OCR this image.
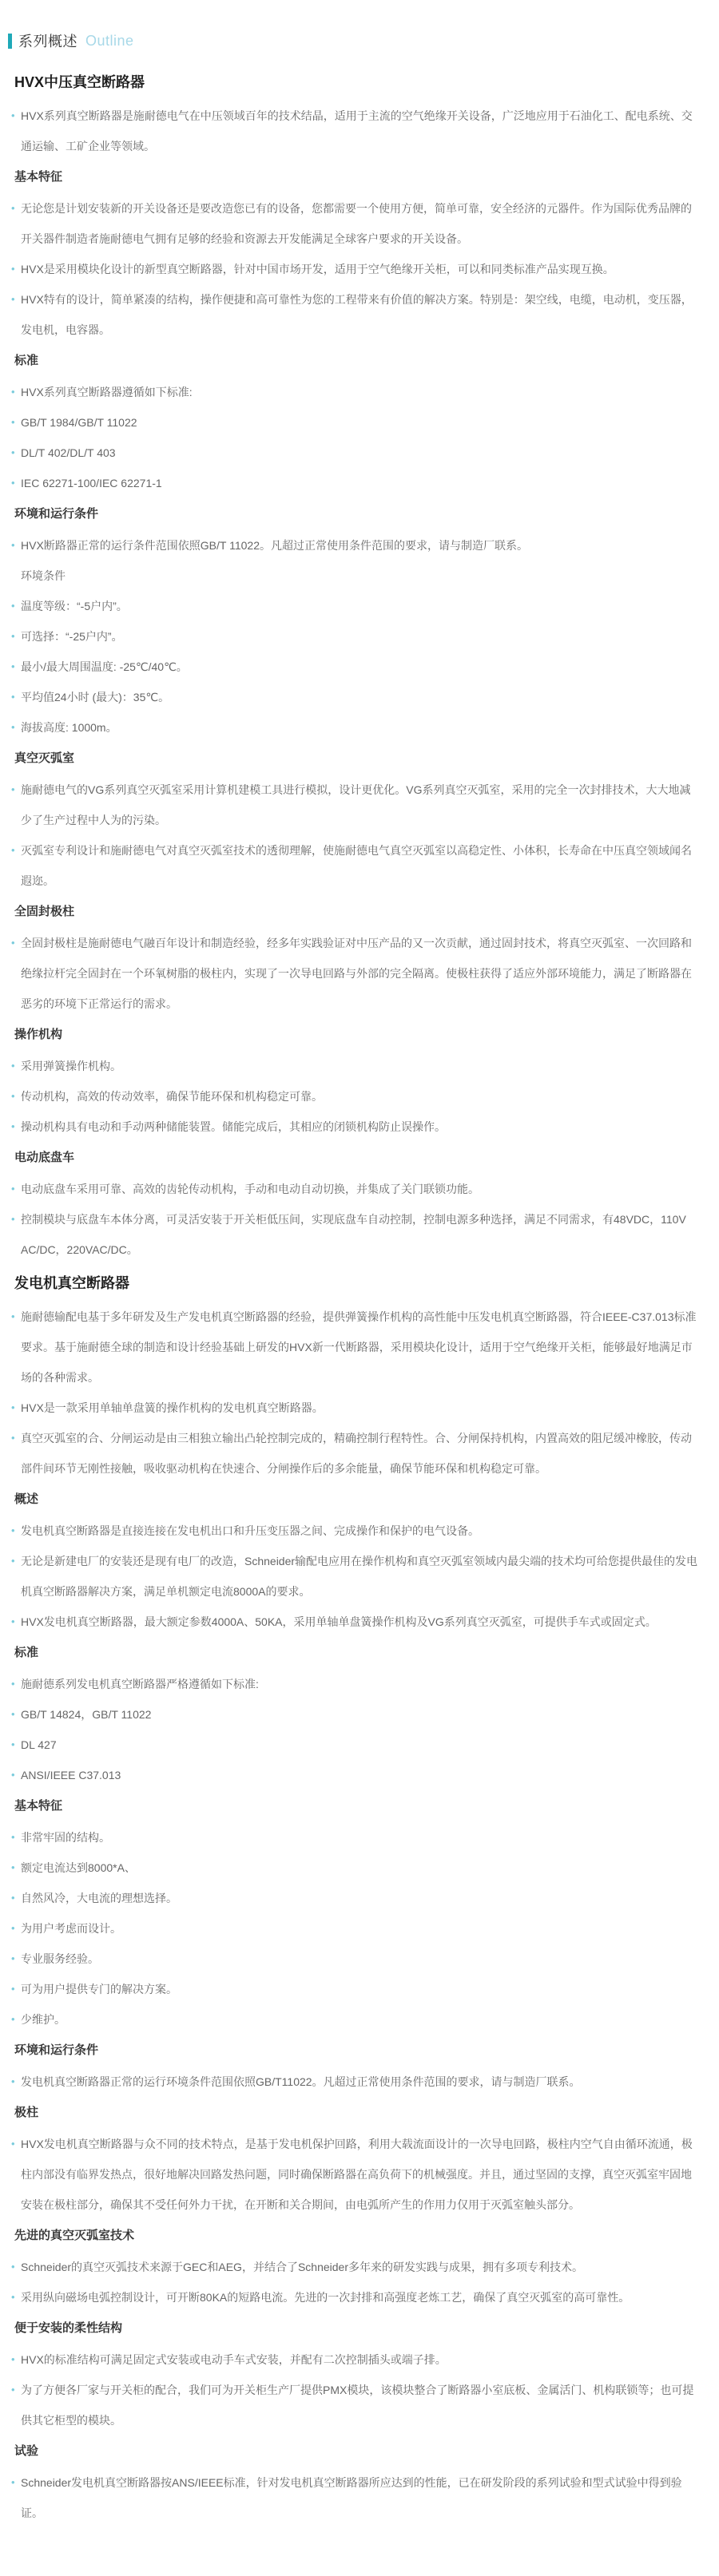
系列概述 Outline
HVX中压真空断路器
•
HVX系列真空断路器是施耐德电气在中压领域百年的技术结晶，适用于主流的空气绝缘开关设备，广泛地应用于石油化工、配电系统、交通运输、工矿企业等领域。
基本特征
•
无论您是计划安装新的开关设备还是要改造您已有的设备，您都需要一个使用方便，简单可靠，安全经济的元器件。作为国际优秀品牌的开关器件制造者施耐德电气拥有足够的经验和资源去开发能满足全球客户要求的开关设备。
•
HVX是采用模块化设计的新型真空断路器，针对中国市场开发，适用于空气绝缘开关柜，可以和同类标准产品实现互换。
•
HVX特有的设计，简单紧凑的结构，操作便捷和高可靠性为您的工程带来有价值的解决方案。特别是：架空线，电缆，电动机，变压器，发电机，电容器。
标准
•
HVX系列真空断路器遵循如下标准:
•
GB/T 1984/GB/T 11022
•
DL/T 402/DL/T 403
•
IEC 62271-100/IEC 62271-1
环境和运行条件
•
HVX断路器正常的运行条件范围依照GB/T 11022。凡超过正常使用条件范围的要求，请与制造厂联系。
环境条件
•
温度等级：“-5户内”。
•
可选择：“-25户内”。
•
最小/最大周围温度: -25℃/40℃。
•
平均值24小时 (最大)：35℃。
•
海拔高度: 1000m。
真空灭弧室
•
施耐德电气的VG系列真空灭弧室采用计算机建模工具进行模拟，设计更优化。VG系列真空灭弧室，采用的完全一次封排技术，大大地减少了生产过程中人为的污染。
•
灭弧室专利设计和施耐德电气对真空灭弧室技术的透彻理解，使施耐德电气真空灭弧室以高稳定性、小体积，长寿命在中压真空领域闻名遐迩。
全固封极柱
•
全固封极柱是施耐德电气融百年设计和制造经验，经多年实践验证对中压产品的又一次贡献，通过固封技术，将真空灭弧室、一次回路和绝缘拉杆完全固封在一个环氧树脂的极柱内，实现了一次导电回路与外部的完全隔离。使极柱获得了适应外部环境能力，满足了断路器在恶劣的环境下正常运行的需求。
操作机构
•
采用弹簧操作机构。
•
传动机构，高效的传动效率，确保节能环保和机构稳定可靠。
•
操动机构具有电动和手动两种储能装置。储能完成后，其相应的闭锁机构防止误操作。
电动底盘车
•
电动底盘车采用可靠、高效的齿轮传动机构，手动和电动自动切换，并集成了关门联锁功能。
•
控制模块与底盘车本体分离，可灵活安装于开关柜低压间，实现底盘车自动控制，控制电源多种选择，满足不同需求，有48VDC，110V AC/DC，220VAC/DC。
发电机真空断路器
•
施耐德输配电基于多年研发及生产发电机真空断路器的经验，提供弹簧操作机构的高性能中压发电机真空断路器，符合IEEE-C37.013标准要求。基于施耐德全球的制造和设计经验基础上研发的HVX新一代断路器，采用模块化设计，适用于空气绝缘开关柜，能够最好地满足市场的各种需求。
•
HVX是一款采用单轴单盘簧的操作机构的发电机真空断路器。
•
真空灭弧室的合、分闸运动是由三相独立输出凸轮控制完成的，精确控制行程特性。合、分闸保持机构，内置高效的阻尼缓冲橡胶，传动部件间环节无刚性接触，吸收驱动机构在快速合、分闸操作后的多余能量，确保节能环保和机构稳定可靠。
概述
•
发电机真空断路器是直接连接在发电机出口和升压变压器之间、完成操作和保护的电气设备。
•
无论是新建电厂的安装还是现有电厂的改造，Schneider输配电应用在操作机构和真空灭弧室领域内最尖端的技术均可给您提供最佳的发电机真空断路器解决方案，满足单机额定电流8000A的要求。
•
HVX发电机真空断路器，最大额定参数4000A、50KA，采用单轴单盘簧操作机构及VG系列真空灭弧室，可提供手车式或固定式。
标准
•
施耐德系列发电机真空断路器严格遵循如下标准:
•
GB/T 14824，GB/T 11022
•
DL 427
•
ANSI/IEEE C37.013
基本特征
•
非常牢固的结构。
•
额定电流达到8000*A、
•
自然风冷，大电流的理想选择。
•
为用户考虑而设计。
•
专业服务经验。
•
可为用户提供专门的解决方案。
•
少维护。
环境和运行条件
•
发电机真空断路器正常的运行环境条件范围依照GB/T11022。凡超过正常使用条件范围的要求，请与制造厂联系。
极柱
•
HVX发电机真空断路器与众不同的技术特点，是基于发电机保护回路，利用大载流面设计的一次导电回路，极柱内空气自由循环流通，极柱内部没有临界发热点，很好地解决回路发热问题，同时确保断路器在高负荷下的机械强度。并且，通过坚固的支撑，真空灭弧室牢固地安装在极柱部分，确保其不受任何外力干扰，在开断和关合期间，由电弧所产生的作用力仅用于灭弧室触头部分。
先进的真空灭弧室技术
•
Schneider的真空灭弧技术来源于GEC和AEG，并结合了Schneider多年来的研发实践与成果，拥有多项专利技术。
•
采用纵向磁场电弧控制设计，可开断80KA的短路电流。先进的一次封排和高强度老炼工艺，确保了真空灭弧室的高可靠性。
便于安装的柔性结构
•
HVX的标准结构可满足固定式安装或电动手车式安装，并配有二次控制插头或端子排。
•
为了方便各厂家与开关柜的配合，我们可为开关柜生产厂提供PMX模块，该模块整合了断路器小室底板、金属活门、机构联锁等；也可提供其它柜型的模块。
试验
•
Schneider发电机真空断路器按ANS/IEEE标准，针对发电机真空断路器所应达到的性能，已在研发阶段的系列试验和型式试验中得到验证。
